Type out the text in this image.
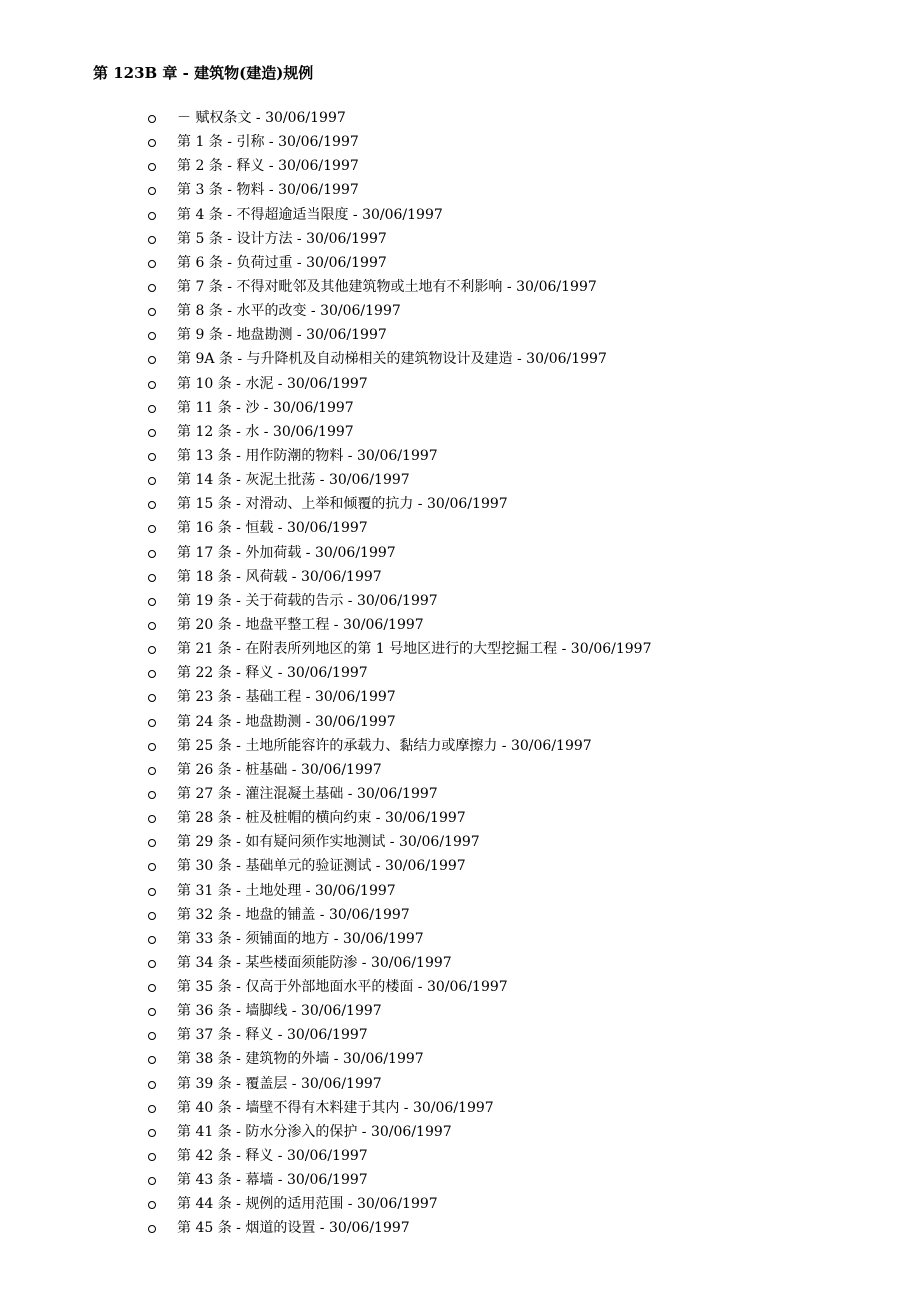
第 123B 章 - 建筑物(建造)规例
－ 赋权条文 - 30/06/1997
第 1 条 - 引称 - 30/06/1997
第 2 条 - 释义 - 30/06/1997
第 3 条 - 物料 - 30/06/1997
第 4 条 - 不得超逾适当限度 - 30/06/1997
第 5 条 - 设计方法 - 30/06/1997
第 6 条 - 负荷过重 - 30/06/1997
第 7 条 - 不得对毗邻及其他建筑物或土地有不利影响 - 30/06/1997
第 8 条 - 水平的改变 - 30/06/1997
第 9 条 - 地盘勘测 - 30/06/1997
第 9A 条 - 与升降机及自动梯相关的建筑物设计及建造 - 30/06/1997
第 10 条 - 水泥 - 30/06/1997
第 11 条 - 沙 - 30/06/1997
第 12 条 - 水 - 30/06/1997
第 13 条 - 用作防潮的物料 - 30/06/1997
第 14 条 - 灰泥土批荡 - 30/06/1997
第 15 条 - 对滑动、上举和倾覆的抗力 - 30/06/1997
第 16 条 - 恒载 - 30/06/1997
第 17 条 - 外加荷载 - 30/06/1997
第 18 条 - 风荷载 - 30/06/1997
第 19 条 - 关于荷载的告示 - 30/06/1997
第 20 条 - 地盘平整工程 - 30/06/1997
第 21 条 - 在附表所列地区的第 1 号地区进行的大型挖掘工程 - 30/06/1997
第 22 条 - 释义 - 30/06/1997
第 23 条 - 基础工程 - 30/06/1997
第 24 条 - 地盘勘测 - 30/06/1997
第 25 条 - 土地所能容许的承载力、黏结力或摩擦力 - 30/06/1997
第 26 条 - 桩基础 - 30/06/1997
第 27 条 - 灌注混凝土基础 - 30/06/1997
第 28 条 - 桩及桩帽的横向约束 - 30/06/1997
第 29 条 - 如有疑问须作实地测试 - 30/06/1997
第 30 条 - 基础单元的验证测试 - 30/06/1997
第 31 条 - 土地处理 - 30/06/1997
第 32 条 - 地盘的铺盖 - 30/06/1997
第 33 条 - 须铺面的地方 - 30/06/1997
第 34 条 - 某些楼面须能防渗 - 30/06/1997
第 35 条 - 仅高于外部地面水平的楼面 - 30/06/1997
第 36 条 - 墙脚线 - 30/06/1997
第 37 条 - 释义 - 30/06/1997
第 38 条 - 建筑物的外墙 - 30/06/1997
第 39 条 - 覆盖层 - 30/06/1997
第 40 条 - 墙壁不得有木料建于其内 - 30/06/1997
第 41 条 - 防水分渗入的保护 - 30/06/1997
第 42 条 - 释义 - 30/06/1997
第 43 条 - 幕墙 - 30/06/1997
第 44 条 - 规例的适用范围 - 30/06/1997
第 45 条 - 烟道的设置 - 30/06/1997
